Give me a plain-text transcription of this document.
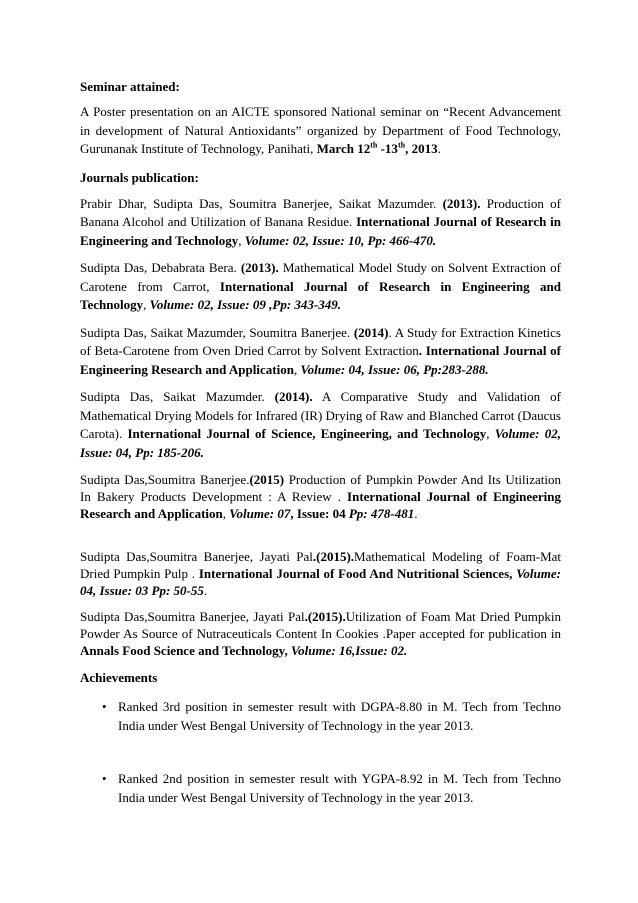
Seminar attained:

A Poster presentation on an AICTE sponsored National seminar on “Recent Advancement in development of Natural Antioxidants” organized by Department of Food Technology, Gurunanak Institute of Technology, Panihati, March 12th -13th, 2013.

Journals publication:

Prabir Dhar, Sudipta Das, Soumitra Banerjee, Saikat Mazumder. (2013). Production of Banana Alcohol and Utilization of Banana Residue. International Journal of Research in Engineering and Technology, Volume: 02, Issue: 10, Pp: 466-470.

Sudipta Das, Debabrata Bera. (2013). Mathematical Model Study on Solvent Extraction of Carotene from Carrot, International Journal of Research in Engineering and Technology, Volume: 02, Issue: 09 ,Pp: 343-349.

Sudipta Das, Saikat Mazumder, Soumitra Banerjee. (2014). A Study for Extraction Kinetics of Beta-Carotene from Oven Dried Carrot by Solvent Extraction. International Journal of Engineering Research and Application, Volume: 04, Issue: 06, Pp:283-288.

Sudipta Das, Saikat Mazumder. (2014). A Comparative Study and Validation of Mathematical Drying Models for Infrared (IR) Drying of Raw and Blanched Carrot (Daucus Carota). International Journal of Science, Engineering, and Technology, Volume: 02, Issue: 04, Pp: 185-206.

Sudipta Das,Soumitra Banerjee.(2015) Production of Pumpkin Powder And Its Utilization In Bakery Products Development : A Review . International Journal of Engineering Research and Application, Volume: 07, Issue: 04 Pp: 478-481.

Sudipta Das,Soumitra Banerjee, Jayati Pal.(2015).Mathematical Modeling of Foam-Mat Dried Pumpkin Pulp . International Journal of Food And Nutritional Sciences, Volume: 04, Issue: 03 Pp: 50-55.

Sudipta Das,Soumitra Banerjee, Jayati Pal.(2015).Utilization of Foam Mat Dried Pumpkin Powder As Source of Nutraceuticals Content In Cookies .Paper accepted for publication in Annals Food Science and Technology, Volume: 16,Issue: 02.

Achievements

• Ranked 3rd position in semester result with DGPA-8.80 in M. Tech from Techno India under West Bengal University of Technology in the year 2013.
• Ranked 2nd position in semester result with YGPA-8.92 in M. Tech from Techno India under West Bengal University of Technology in the year 2013.
